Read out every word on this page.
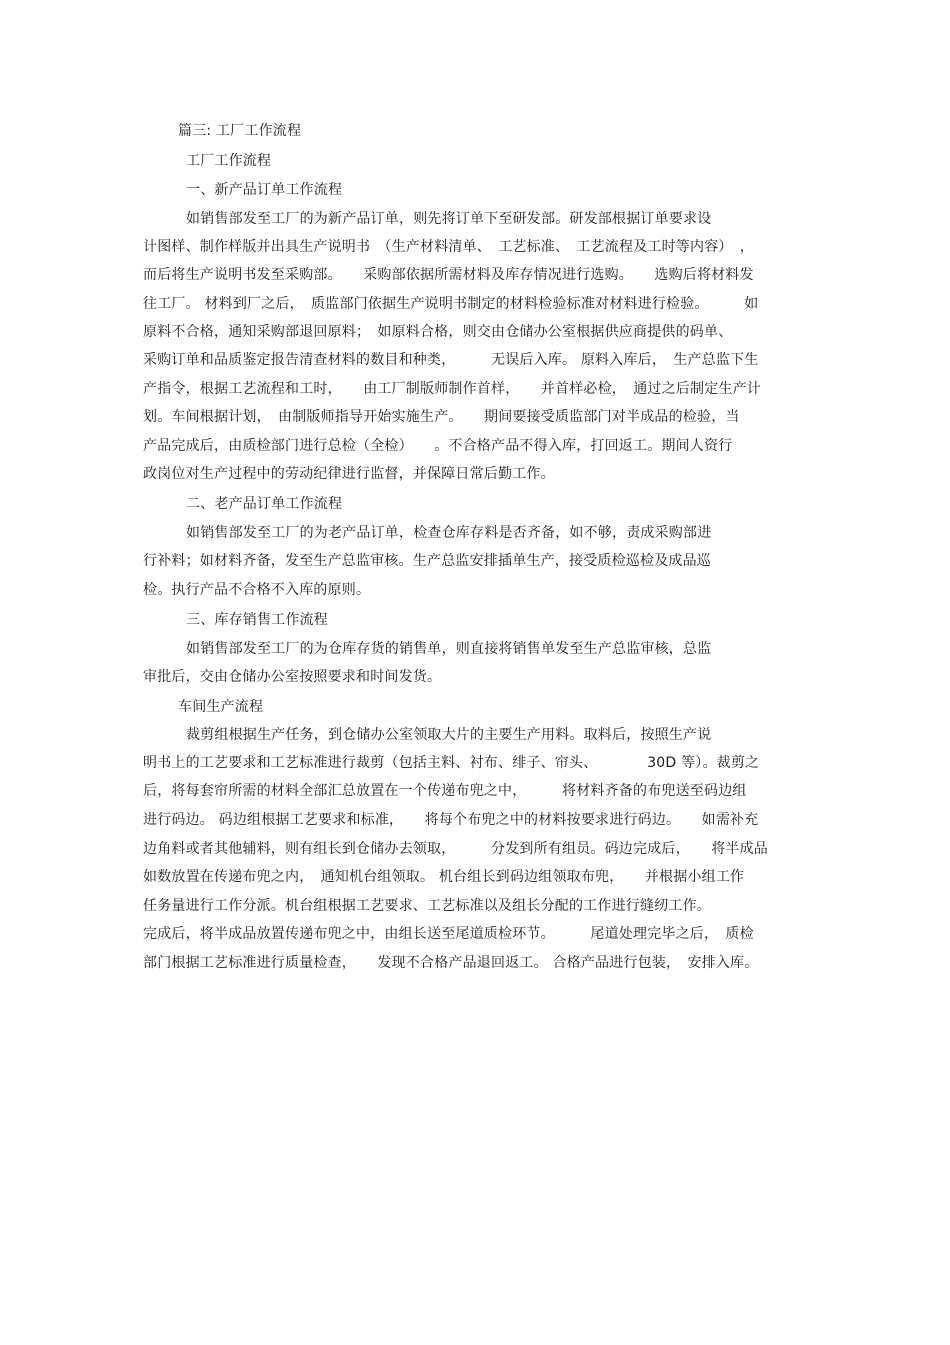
篇三: 工厂工作流程
工厂工作流程
一、新产品订单工作流程
如销售部发至工厂的为新产品订单，则先将订单下至研发部。研发部根据订单要求设
计图样、制作样版并出具生产说明书　（生产材料清单、　工艺标准、　工艺流程及工时等内容）　，
而后将生产说明书发至采购部。　　采购部依据所需材料及库存情况进行选购。　　选购后将材料发
往工厂。 材料到厂之后，　质监部门依据生产说明书制定的材料检验标准对材料进行检验。　　　如
原料不合格，通知采购部退回原料；　如原料合格，则交由仓储办公室根据供应商提供的码单、
采购订单和品质鉴定报告清查材料的数目和种类，　　　无误后入库。 原料入库后，　生产总监下生
产指令，根据工艺流程和工时，　　由工厂制版师制作首样，　　并首样必检，　通过之后制定生产计
划。车间根据计划，　由制版师指导开始实施生产。　　期间要接受质监部门对半成品的检验，当
产品完成后，由质检部门进行总检（全检）　　。不合格产品不得入库，打回返工。期间人资行
政岗位对生产过程中的劳动纪律进行监督，并保障日常后勤工作。
二、老产品订单工作流程
如销售部发至工厂的为老产品订单，检查仓库存料是否齐备，如不够，责成采购部进
行补料；如材料齐备，发至生产总监审核。生产总监安排插单生产，接受质检巡检及成品巡
检。执行产品不合格不入库的原则。
三、库存销售工作流程
如销售部发至工厂的为仓库存货的销售单，则直接将销售单发至生产总监审核，总监
审批后，交由仓储办公室按照要求和时间发货。
车间生产流程
裁剪组根据生产任务，到仓储办公室领取大片的主要生产用料。取料后，按照生产说
明书上的工艺要求和工艺标准进行裁剪（包括主料、衬布、绯子、帘头、　　　　30D 等）。裁剪之
后，将每套帘所需的材料全部汇总放置在一个传递布兜之中，　　　将材料齐备的布兜送至码边组
进行码边。 码边组根据工艺要求和标准，　　将每个布兜之中的材料按要求进行码边。　　如需补充
边角料或者其他辅料，则有组长到仓储办去领取，　　　分发到所有组员。码边完成后，　　将半成品
如数放置在传递布兜之内，　通知机台组领取。 机台组长到码边组领取布兜，　　并根据小组工作
任务量进行工作分派。机台组根据工艺要求、工艺标准以及组长分配的工作进行缝纫工作。
完成后，将半成品放置传递布兜之中，由组长送至尾道质检环节。　　　尾道处理完毕之后，　质检
部门根据工艺标准进行质量检查，　　发现不合格产品退回返工。 合格产品进行包装，　安排入库。
